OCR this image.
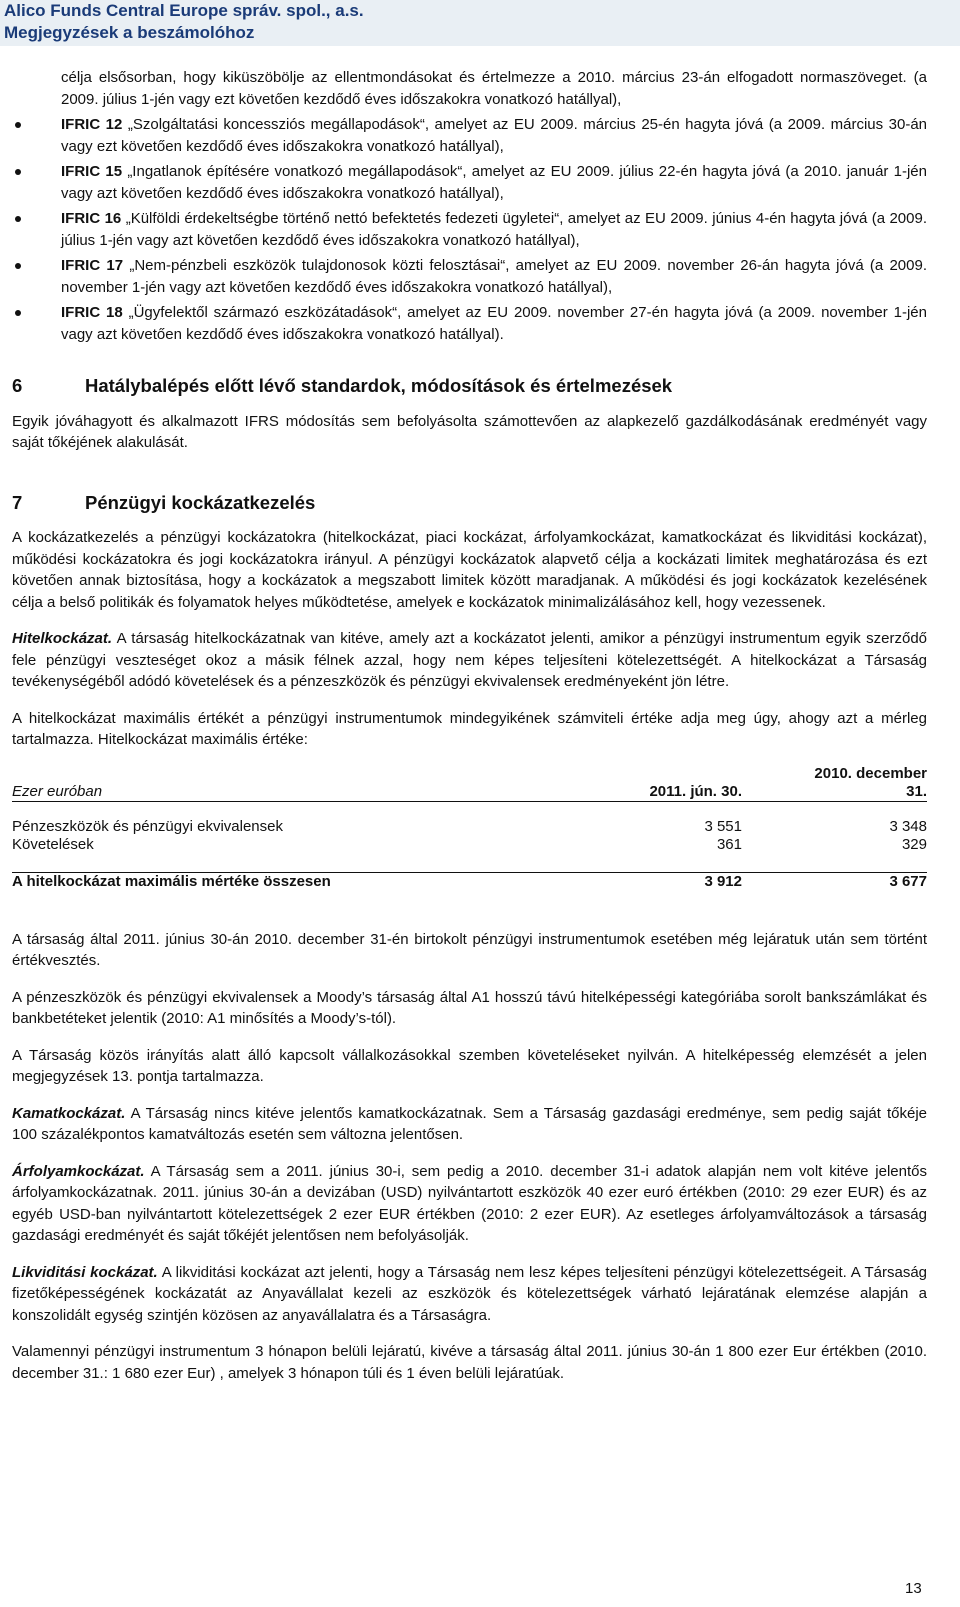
Alico Funds Central Europe správ. spol., a.s.
Megjegyzések a beszámolóhoz
célja elsősorban, hogy kiküszöbölje az ellentmondásokat és értelmezze a 2010. március 23-án elfogadott normaszöveget. (a 2009. július 1-jén vagy ezt követően kezdődő éves időszakokra vonatkozó hatállyal),
IFRIC 12 „Szolgáltatási koncessziós megállapodások“, amelyet az EU 2009. március 25-én hagyta jóvá (a 2009. március 30-án vagy ezt követően kezdődő éves időszakokra vonatkozó hatállyal),
IFRIC 15 „Ingatlanok építésére vonatkozó megállapodások“, amelyet az EU 2009. július 22-én hagyta jóvá (a 2010. január 1-jén vagy azt követően kezdődő éves időszakokra vonatkozó hatállyal),
IFRIC 16 „Külföldi érdekeltségbe történő nettó befektetés fedezeti ügyletei“, amelyet az EU 2009. június 4-én hagyta jóvá (a 2009. július 1-jén vagy azt követően kezdődő éves időszakokra vonatkozó hatállyal),
IFRIC 17 „Nem-pénzbeli eszközök tulajdonosok közti felosztásai“, amelyet az EU 2009. november 26-án hagyta jóvá (a 2009. november 1-jén vagy azt követően kezdődő éves időszakokra vonatkozó hatállyal),
IFRIC 18 „Ügyfelektől származó eszközátadások“, amelyet az EU 2009. november 27-én hagyta jóvá (a 2009. november 1-jén vagy azt követően kezdődő éves időszakokra vonatkozó hatállyal).
6	Hatálybalépés előtt lévő standardok, módosítások és értelmezések

Egyik jóváhagyott és alkalmazott IFRS módosítás sem befolyásolta számottevően az alapkezelő gazdálkodásának eredményét vagy saját tőkéjének alakulását.

7	Pénzügyi kockázatkezelés

A kockázatkezelés a pénzügyi kockázatokra (hitelkockázat, piaci kockázat, árfolyamkockázat, kamatkockázat és likviditási kockázat), működési kockázatokra és jogi kockázatokra irányul. A pénzügyi kockázatok alapvető célja a kockázati limitek meghatározása és ezt követően annak biztosítása, hogy a kockázatok a megszabott limitek között maradjanak. A működési és jogi kockázatok kezelésének célja a belső politikák és folyamatok helyes működtetése, amelyek e kockázatok minimalizálásához kell, hogy vezessenek.

Hitelkockázat. A társaság hitelkockázatnak van kitéve, amely azt a kockázatot jelenti, amikor a pénzügyi instrumentum egyik szerződő fele pénzügyi veszteséget okoz a másik félnek azzal, hogy nem képes teljesíteni kötelezettségét. A hitelkockázat a Társaság tevékenységéből adódó követelések és a pénzeszközök és pénzügyi ekvivalensek eredményeként jön létre.

A hitelkockázat maximális értékét a pénzügyi instrumentumok mindegyikének számviteli értéke adja meg úgy, ahogy azt a mérleg tartalmazza. Hitelkockázat maximális értéke:

Ezer euróban	2011. jún. 30.	2010. december
31.

Pénzeszközök és pénzügyi ekvivalensek	3 551	3 348
Követelések	361	329

A hitelkockázat maximális mértéke összesen	3 912	3 677

A társaság által 2011. június 30-án 2010. december 31-én birtokolt pénzügyi instrumentumok esetében még lejáratuk után sem történt értékvesztés.

A pénzeszközök és pénzügyi ekvivalensek a Moody’s társaság által A1 hosszú távú hitelképességi kategóriába sorolt bankszámlákat és bankbetéteket jelentik (2010: A1 minősítés a Moody’s-tól).

A Társaság közös irányítás alatt álló kapcsolt vállalkozásokkal szemben követeléseket nyilván. A hitelképesség elemzését a jelen megjegyzések 13. pontja tartalmazza.

Kamatkockázat. A Társaság nincs kitéve jelentős kamatkockázatnak. Sem a Társaság gazdasági eredménye, sem pedig saját tőkéje 100 százalékpontos kamatváltozás esetén sem változna jelentősen.

Árfolyamkockázat. A Társaság sem a 2011. június 30-i, sem pedig a 2010. december 31-i adatok alapján nem volt kitéve jelentős árfolyamkockázatnak. 2011. június 30-án a devizában (USD) nyilvántartott eszközök 40 ezer euró értékben (2010: 29 ezer EUR) és az egyéb USD-ban nyilvántartott kötelezettségek 2 ezer EUR értékben (2010: 2 ezer EUR). Az esetleges árfolyamváltozások a társaság gazdasági eredményét és saját tőkéjét jelentősen nem befolyásolják.

Likviditási kockázat. A likviditási kockázat azt jelenti, hogy a Társaság nem lesz képes teljesíteni pénzügyi kötelezettségeit. A Társaság fizetőképességének kockázatát az Anyavállalat kezeli az eszközök és kötelezettségek várható lejáratának elemzése alapján a konszolidált egység szintjén közösen az anyavállalatra és a Társaságra.

Valamennyi pénzügyi instrumentum 3 hónapon belüli lejáratú, kivéve a társaság által 2011. június 30-án 1 800 ezer Eur értékben (2010. december 31.: 1 680 ezer Eur) , amelyek 3 hónapon túli és 1 éven belüli lejáratúak.

13
